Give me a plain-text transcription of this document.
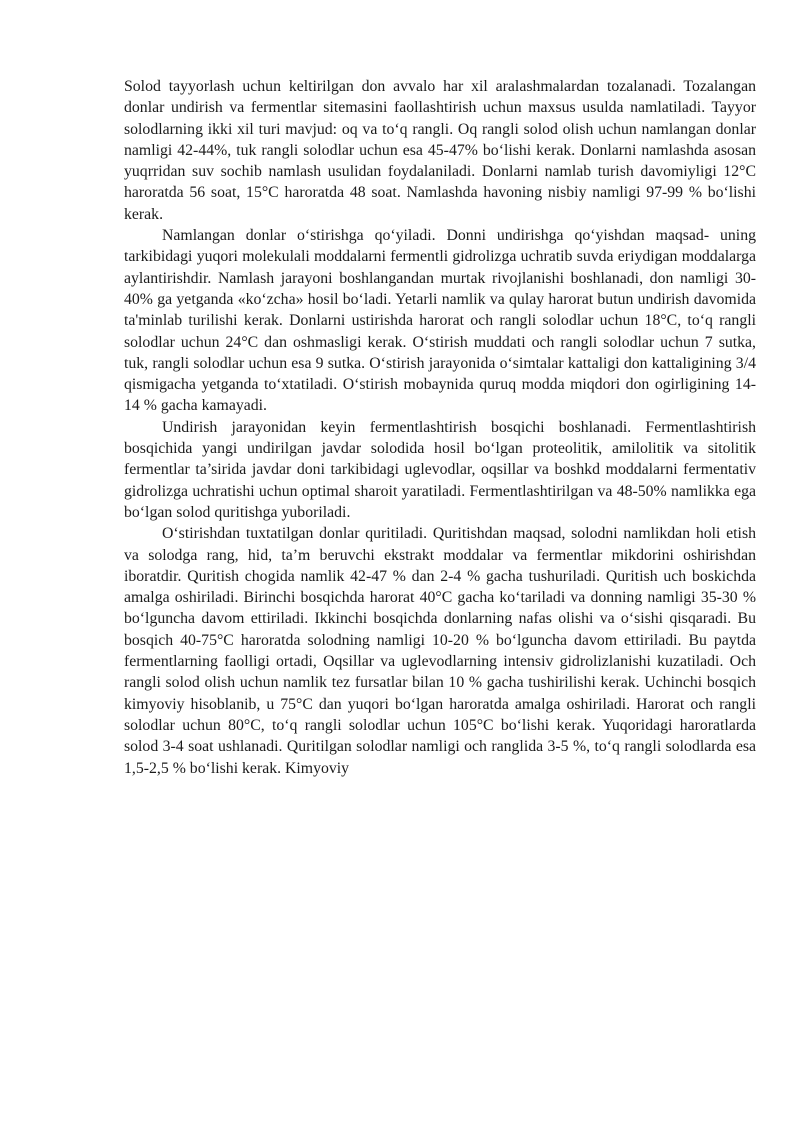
Solod tayyorlash uchun keltirilgan don avvalo har xil aralashmalardan tozalanadi. Tozalangan donlar undirish va fermentlar sitemasini faollashtirish uchun maxsus usulda namlatiladi. Tayyor solodlarning ikki xil turi mavjud: oq va to‘q rangli. Oq rangli solod olish uchun namlangan donlar namligi 42-44%, tuk rangli solodlar uchun esa 45-47% bo‘lishi kerak. Donlarni namlashda asosan yuqrridan suv sochib namlash usulidan foydalaniladi. Donlarni namlab turish davomiyligi 12°C haroratda 56 soat, 15°C haroratda 48 soat. Namlashda havoning nisbiy namligi 97-99 % bo‘lishi kerak.

Namlangan donlar o‘stirishga qo‘yiladi. Donni undirishga qo‘yishdan maqsad- uning tarkibidagi yuqori molekulali moddalarni fermentli gidrolizga uchratib suvda eriydigan moddalarga aylantirishdir. Namlash jarayoni boshlangandan murtak rivojlanishi boshlanadi, don namligi 30-40% ga yetganda «ko‘zcha» hosil bo‘ladi. Yetarli namlik va qulay harorat butun undirish davomida ta'minlab turilishi kerak. Donlarni ustirishda harorat och rangli solodlar uchun 18°C, to‘q rangli solodlar uchun 24°C dan oshmasligi kerak. O‘stirish muddati och rangli solodlar uchun 7 sutka, tuk, rangli solodlar uchun esa 9 sutka. O‘stirish jarayonida o‘simtalar kattaligi don kattaligining 3/4 qismigacha yetganda to‘xtatiladi. O‘stirish mobaynida quruq modda miqdori don ogirligining 14-14 % gacha kamayadi.

Undirish jarayonidan keyin fermentlashtirish bosqichi boshlanadi. Fermentlashtirish bosqichida yangi undirilgan javdar solodida hosil bo‘lgan proteolitik, amilolitik va sitolitik fermentlar ta’sirida javdar doni tarkibidagi uglevodlar, oqsillar va boshkd moddalarni fermentativ gidrolizga uchratishi uchun optimal sharoit yaratiladi. Fermentlashtirilgan va 48-50% namlikka ega bo‘lgan solod quritishga yuboriladi.

O‘stirishdan tuxtatilgan donlar quritiladi. Quritishdan maqsad, solodni namlikdan holi etish va solodga rang, hid, ta’m beruvchi ekstrakt moddalar va fermentlar mikdorini oshirishdan iboratdir. Quritish chogida namlik 42-47 % dan 2-4 % gacha tushuriladi. Quritish uch boskichda amalga oshiriladi. Birinchi bosqichda harorat 40°C gacha ko‘tariladi va donning namligi 35-30 % bo‘lguncha davom ettiriladi. Ikkinchi bosqichda donlarning nafas olishi va o‘sishi qisqaradi. Bu bosqich 40-75°C haroratda solodning namligi 10-20 % bo‘lguncha davom ettiriladi. Bu paytda fermentlarning faolligi ortadi, Oqsillar va uglevodlarning intensiv gidrolizlanishi kuzatiladi. Och rangli solod olish uchun namlik tez fursatlar bilan 10 % gacha tushirilishi kerak. Uchinchi bosqich kimyoviy hisoblanib, u 75°C dan yuqori bo‘lgan haroratda amalga oshiriladi. Harorat och rangli solodlar uchun 80°C, to‘q rangli solodlar uchun 105°C bo‘lishi kerak. Yuqoridagi haroratlarda solod 3-4 soat ushlanadi. Quritilgan solodlar namligi och ranglida 3-5 %, to‘q rangli solodlarda esa 1,5-2,5 % bo‘lishi kerak. Kimyoviy
